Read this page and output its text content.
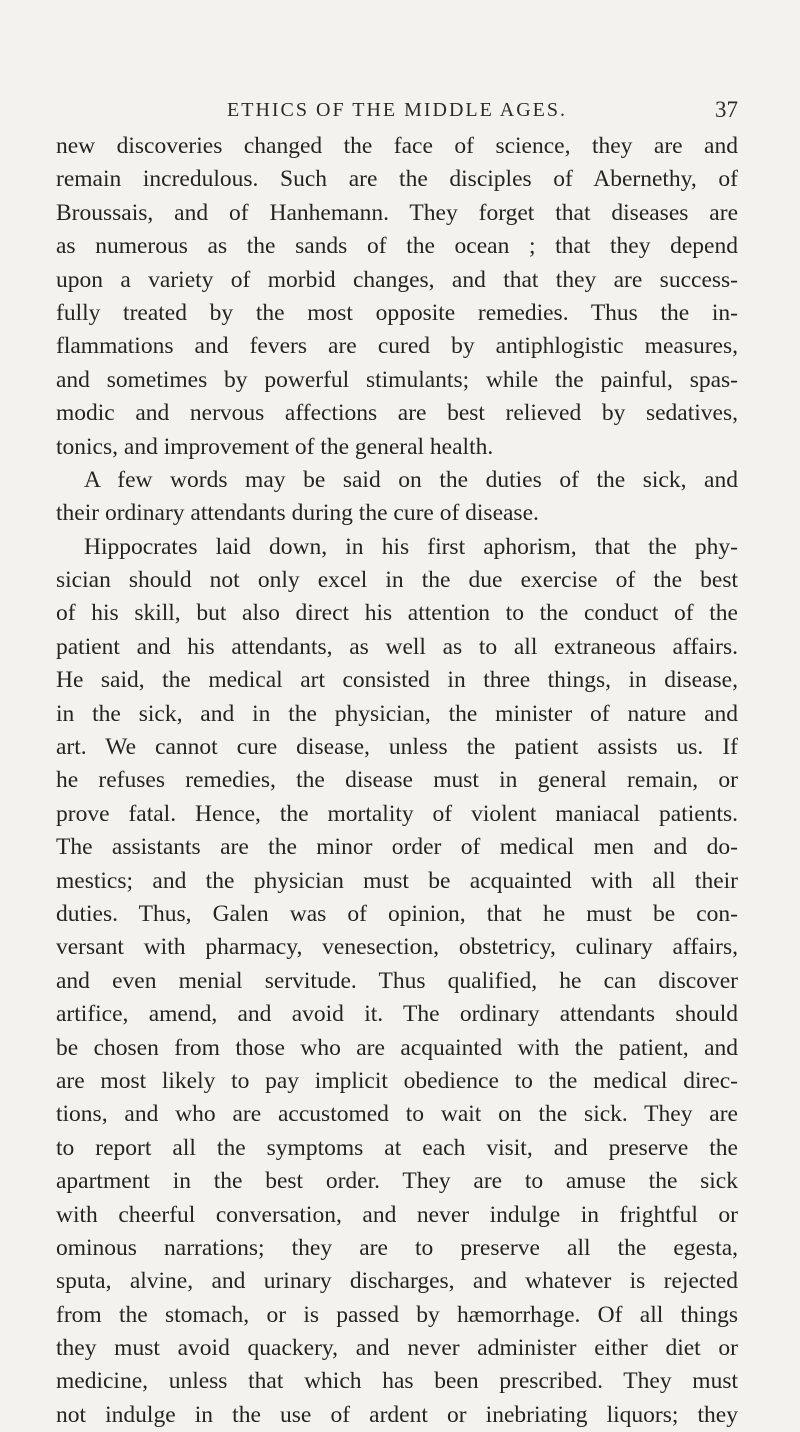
ETHICS OF THE MIDDLE AGES.	37
new discoveries changed the face of science, they are and
remain incredulous. Such are the disciples of Abernethy, of
Broussais, and of Hanhemann. They forget that diseases are
as numerous as the sands of the ocean ; that they depend
upon a variety of morbid changes, and that they are success-
fully treated by the most opposite remedies. Thus the in-
flammations and fevers are cured by antiphlogistic measures,
and sometimes by powerful stimulants; while the painful, spas-
modic and nervous affections are best relieved by sedatives,
tonics, and improvement of the general health.
A few words may be said on the duties of the sick, and
their ordinary attendants during the cure of disease.
Hippocrates laid down, in his first aphorism, that the phy-
sician should not only excel in the due exercise of the best
of his skill, but also direct his attention to the conduct of the
patient and his attendants, as well as to all extraneous affairs.
He said, the medical art consisted in three things, in disease,
in the sick, and in the physician, the minister of nature and
art. We cannot cure disease, unless the patient assists us. If
he refuses remedies, the disease must in general remain, or
prove fatal. Hence, the mortality of violent maniacal patients.
The assistants are the minor order of medical men and do-
mestics; and the physician must be acquainted with all their
duties. Thus, Galen was of opinion, that he must be con-
versant with pharmacy, venesection, obstetricy, culinary affairs,
and even menial servitude. Thus qualified, he can discover
artifice, amend, and avoid it. The ordinary attendants should
be chosen from those who are acquainted with the patient, and
are most likely to pay implicit obedience to the medical direc-
tions, and who are accustomed to wait on the sick. They are
to report all the symptoms at each visit, and preserve the
apartment in the best order. They are to amuse the sick
with cheerful conversation, and never indulge in frightful or
ominous narrations; they are to preserve all the egesta,
sputa, alvine, and urinary discharges, and whatever is rejected
from the stomach, or is passed by hæmorrhage. Of all things
they must avoid quackery, and never administer either diet or
medicine, unless that which has been prescribed. They must
not indulge in the use of ardent or inebriating liquors; they
